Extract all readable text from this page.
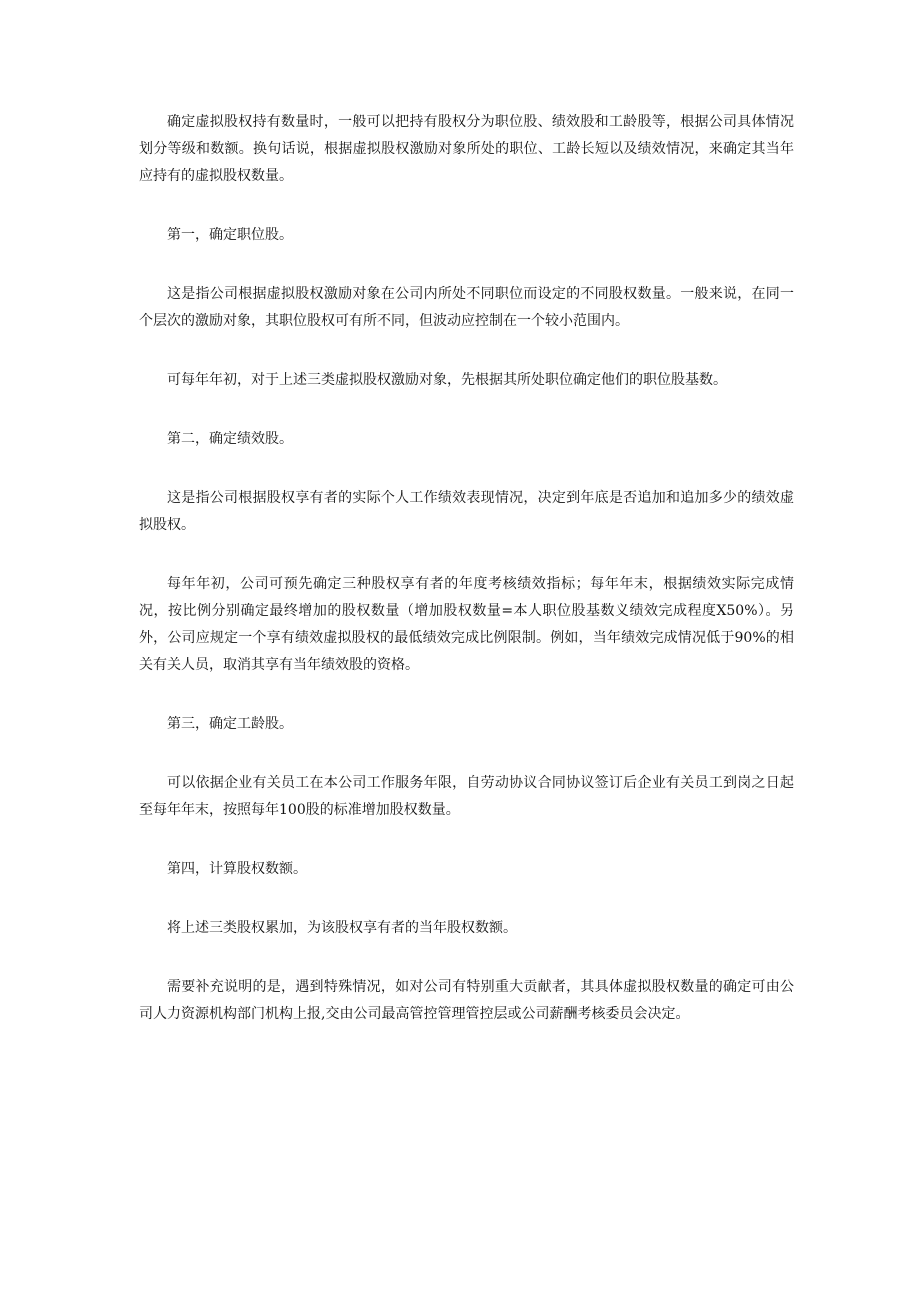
确定虚拟股权持有数量时，一般可以把持有股权分为职位股、绩效股和工龄股等，根据公司具体情况划分等级和数额。换句话说，根据虚拟股权激励对象所处的职位、工龄长短以及绩效情况，来确定其当年应持有的虚拟股权数量。

第一，确定职位股。

这是指公司根据虚拟股权激励对象在公司内所处不同职位而设定的不同股权数量。一般来说，在同一个层次的激励对象，其职位股权可有所不同，但波动应控制在一个较小范围内。

可每年年初，对于上述三类虚拟股权激励对象，先根据其所处职位确定他们的职位股基数。

第二，确定绩效股。

这是指公司根据股权享有者的实际个人工作绩效表现情况，决定到年底是否追加和追加多少的绩效虚拟股权。

每年年初，公司可预先确定三种股权享有者的年度考核绩效指标；每年年末，根据绩效实际完成情况，按比例分别确定最终增加的股权数量（增加股权数量=本人职位股基数义绩效完成程度X50%）。另外，公司应规定一个享有绩效虚拟股权的最低绩效完成比例限制。例如，当年绩效完成情况低于90%的相关有关人员，取消其享有当年绩效股的资格。

第三，确定工龄股。

可以依据企业有关员工在本公司工作服务年限，自劳动协议合同协议签订后企业有关员工到岗之日起至每年年末，按照每年100股的标准增加股权数量。

第四，计算股权数额。

将上述三类股权累加，为该股权享有者的当年股权数额。

需要补充说明的是，遇到特殊情况，如对公司有特别重大贡献者，其具体虚拟股权数量的确定可由公司人力资源机构部门机构上报,交由公司最高管控管理管控层或公司薪酬考核委员会决定。
